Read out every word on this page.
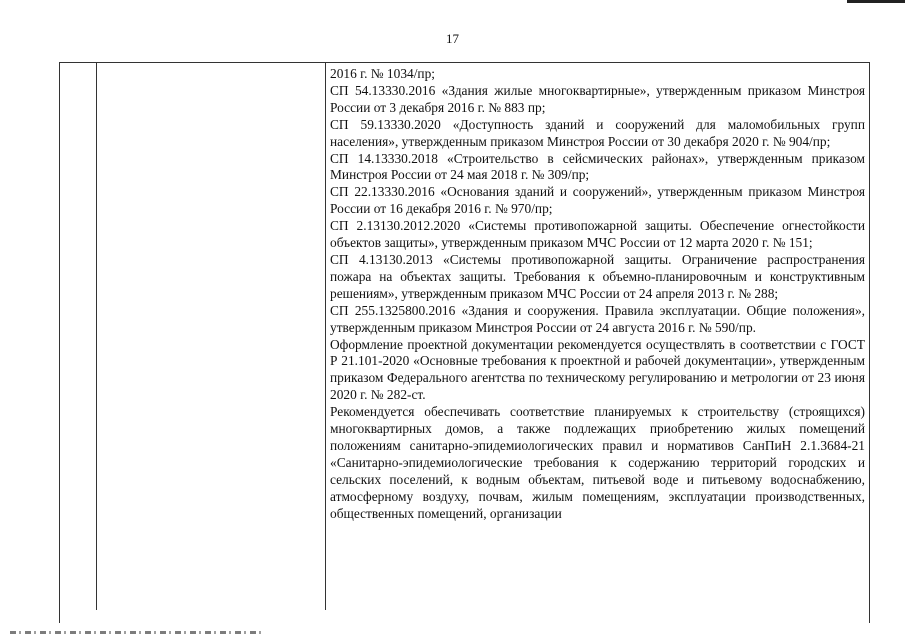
17

2016 г. № 1034/пр;

СП 54.13330.2016 «Здания жилые многоквартирные», утвержденным приказом Минстроя России от 3 декабря 2016 г. № 883 пр;

СП 59.13330.2020 «Доступность зданий и сооружений для маломобильных групп населения», утвержденным приказом Минстроя России от 30 декабря 2020 г. № 904/пр;

СП 14.13330.2018 «Строительство в сейсмических районах», утвержденным приказом Минстроя России от 24 мая 2018 г. № 309/пр;

СП 22.13330.2016 «Основания зданий и сооружений», утвержденным приказом Минстроя России от 16 декабря 2016 г. № 970/пр;

СП 2.13130.2012.2020 «Системы противопожарной защиты. Обеспечение огнестойкости объектов защиты», утвержденным приказом МЧС России от 12 марта 2020 г. № 151;

СП 4.13130.2013 «Системы противопожарной защиты. Ограничение распространения пожара на объектах защиты. Требования к объемно-планировочным и конструктивным решениям», утвержденным приказом МЧС России от 24 апреля 2013 г. № 288;

СП 255.1325800.2016 «Здания и сооружения. Правила эксплуатации. Общие положения», утвержденным приказом Минстроя России от 24 августа 2016 г. № 590/пр.

Оформление проектной документации рекомендуется осуществлять в соответствии с ГОСТ Р 21.101-2020 «Основные требования к проектной и рабочей документации», утвержденным приказом Федерального агентства по техническому регулированию и метрологии от 23 июня 2020 г. № 282-ст.

Рекомендуется обеспечивать соответствие планируемых к строительству (строящихся) многоквартирных домов, а также подлежащих приобретению жилых помещений положениям санитарно-эпидемиологических правил и нормативов СанПиН 2.1.3684-21 «Санитарно-эпидемиологические требования к содержанию территорий городских и сельских поселений, к водным объектам, питьевой воде и питьевому водоснабжению, атмосферному воздуху, почвам, жилым помещениям, эксплуатации производственных, общественных помещений, организации
